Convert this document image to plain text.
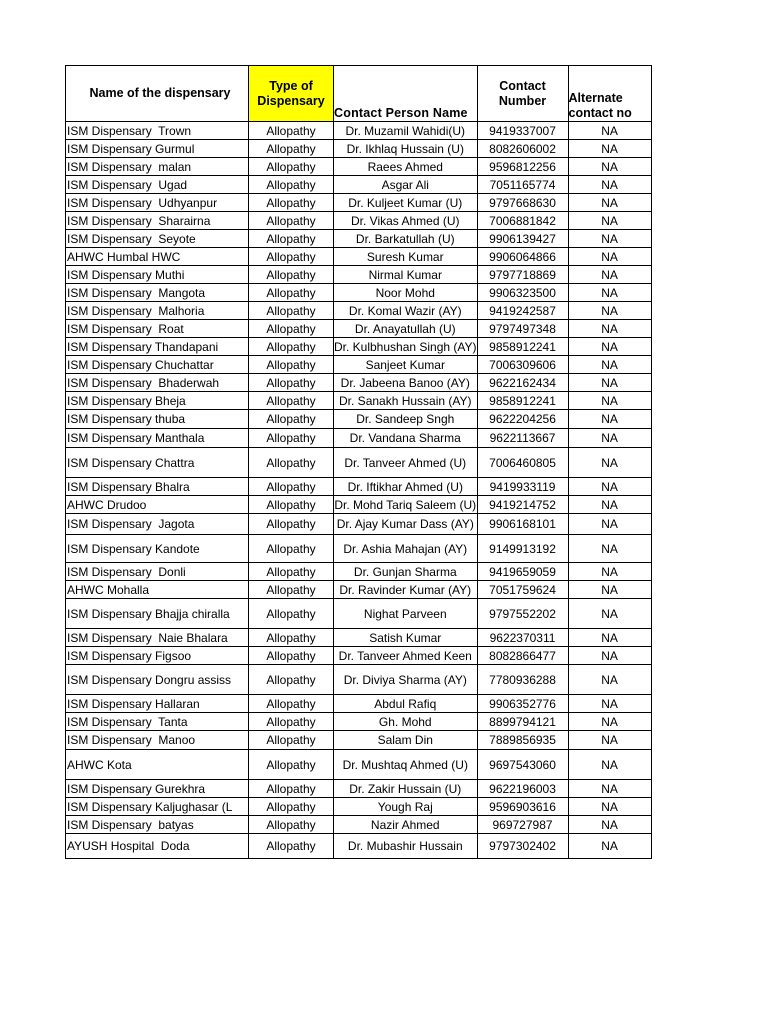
Name of the dispensary	Type of Dispensary	Contact Person Name	Contact Number	Alternate contact no
ISM Dispensary  Trown	Allopathy	Dr. Muzamil Wahidi(U)	9419337007	NA
ISM Dispensary Gurmul	Allopathy	Dr. Ikhlaq Hussain (U)	8082606002	NA
ISM Dispensary  malan	Allopathy	Raees Ahmed	9596812256	NA
ISM Dispensary  Ugad	Allopathy	Asgar Ali	7051165774	NA
ISM Dispensary  Udhyanpur	Allopathy	Dr. Kuljeet Kumar (U)	9797668630	NA
ISM Dispensary  Sharairna	Allopathy	Dr. Vikas Ahmed (U)	7006881842	NA
ISM Dispensary  Seyote	Allopathy	Dr. Barkatullah (U)	9906139427	NA
AHWC Humbal HWC	Allopathy	Suresh Kumar	9906064866	NA
ISM Dispensary Muthi	Allopathy	Nirmal Kumar	9797718869	NA
ISM Dispensary  Mangota	Allopathy	Noor Mohd	9906323500	NA
ISM Dispensary  Malhoria	Allopathy	Dr. Komal Wazir (AY)	9419242587	NA
ISM Dispensary  Roat	Allopathy	Dr. Anayatullah (U)	9797497348	NA
ISM Dispensary Thandapani	Allopathy	Dr. Kulbhushan Singh (AY)	9858912241	NA
ISM Dispensary Chuchattar	Allopathy	Sanjeet Kumar	7006309606	NA
ISM Dispensary  Bhaderwah	Allopathy	Dr. Jabeena Banoo (AY)	9622162434	NA
ISM Dispensary Bheja	Allopathy	Dr. Sanakh Hussain (AY)	9858912241	NA
ISM Dispensary thuba	Allopathy	Dr. Sandeep Sngh	9622204256	NA
ISM Dispensary Manthala	Allopathy	Dr. Vandana Sharma	9622113667	NA
ISM Dispensary Chattra	Allopathy	Dr. Tanveer Ahmed (U)	7006460805	NA
ISM Dispensary Bhalra	Allopathy	Dr. Iftikhar Ahmed (U)	9419933119	NA
AHWC Drudoo	Allopathy	Dr. Mohd Tariq Saleem (U)	9419214752	NA
ISM Dispensary  Jagota	Allopathy	Dr. Ajay Kumar Dass (AY)	9906168101	NA
ISM Dispensary Kandote	Allopathy	Dr. Ashia Mahajan (AY)	9149913192	NA
ISM Dispensary  Donli	Allopathy	Dr. Gunjan Sharma	9419659059	NA
AHWC Mohalla	Allopathy	Dr. Ravinder Kumar (AY)	7051759624	NA
ISM Dispensary Bhajja chiralla	Allopathy	Nighat Parveen	9797552202	NA
ISM Dispensary  Naie Bhalara	Allopathy	Satish Kumar	9622370311	NA
ISM Dispensary Figsoo	Allopathy	Dr. Tanveer Ahmed Keen	8082866477	NA
ISM Dispensary Dongru assiss	Allopathy	Dr. Diviya Sharma (AY)	7780936288	NA
ISM Dispensary Hallaran	Allopathy	Abdul Rafiq	9906352776	NA
ISM Dispensary  Tanta	Allopathy	Gh. Mohd	8899794121	NA
ISM Dispensary  Manoo	Allopathy	Salam Din	7889856935	NA
AHWC Kota	Allopathy	Dr. Mushtaq Ahmed (U)	9697543060	NA
ISM Dispensary Gurekhra	Allopathy	Dr. Zakir Hussain (U)	9622196003	NA
ISM Dispensary Kaljughasar (L	Allopathy	Yough Raj	9596903616	NA
ISM Dispensary  batyas	Allopathy	Nazir Ahmed	969727987	NA
AYUSH Hospital  Doda	Allopathy	Dr. Mubashir Hussain	9797302402	NA
